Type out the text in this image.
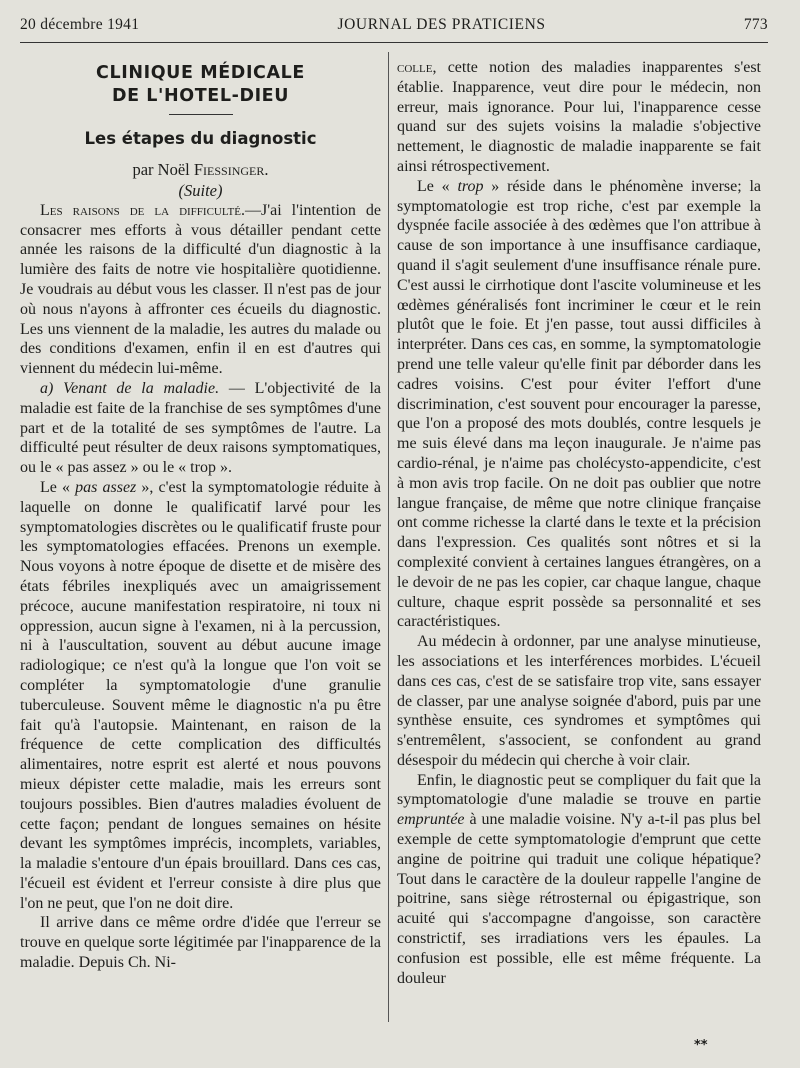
20 décembre 1941	JOURNAL DES PRATICIENS	773
CLINIQUE MÉDICALE
DE L'HOTEL-DIEU
Les étapes du diagnostic

par Noël Fiessinger.

(Suite)

Les raisons de la difficulté.—J'ai l'intention de consacrer mes efforts à vous détailler pendant cette année les raisons de la difficulté d'un diagnostic à la lumière des faits de notre vie hospitalière quotidienne. Je voudrais au début vous les classer. Il n'est pas de jour où nous n'ayons à affronter ces écueils du diagnostic. Les uns viennent de la maladie, les autres du malade ou des conditions d'examen, enfin il en est d'autres qui viennent du médecin lui-même.

a) Venant de la maladie. — L'objectivité de la maladie est faite de la franchise de ses symptômes d'une part et de la totalité de ses symptômes de l'autre. La difficulté peut résulter de deux raisons symptomatiques, ou le « pas assez » ou le « trop ».

Le « pas assez », c'est la symptomatologie réduite à laquelle on donne le qualificatif larvé pour les symptomatologies discrètes ou le qualificatif fruste pour les symptomatologies effacées. Prenons un exemple. Nous voyons à notre époque de disette et de misère des états fébriles inexpliqués avec un amaigrissement précoce, aucune manifestation respiratoire, ni toux ni oppression, aucun signe à l'examen, ni à la percussion, ni à l'auscultation, souvent au début aucune image radiologique; ce n'est qu'à la longue que l'on voit se compléter la symptomatologie d'une granulie tuberculeuse. Souvent même le diagnostic n'a pu être fait qu'à l'autopsie. Maintenant, en raison de la fréquence de cette complication des difficultés alimentaires, notre esprit est alerté et nous pouvons mieux dépister cette maladie, mais les erreurs sont toujours possibles. Bien d'autres maladies évoluent de cette façon; pendant de longues semaines on hésite devant les symptômes imprécis, incomplets, variables, la maladie s'entoure d'un épais brouillard. Dans ces cas, l'écueil est évident et l'erreur consiste à dire plus que l'on ne peut, que l'on ne doit dire.

Il arrive dans ce même ordre d'idée que l'erreur se trouve en quelque sorte légitimée par l'inapparence de la maladie. Depuis Ch. Ni-

colle, cette notion des maladies inapparentes s'est établie. Inapparence, veut dire pour le médecin, non erreur, mais ignorance. Pour lui, l'inapparence cesse quand sur des sujets voisins la maladie s'objective nettement, le diagnostic de maladie inapparente se fait ainsi rétrospectivement.

Le « trop » réside dans le phénomène inverse; la symptomatologie est trop riche, c'est par exemple la dyspnée facile associée à des œdèmes que l'on attribue à cause de son importance à une insuffisance cardiaque, quand il s'agit seulement d'une insuffisance rénale pure. C'est aussi le cirrhotique dont l'ascite volumineuse et les œdèmes généralisés font incriminer le cœur et le rein plutôt que le foie. Et j'en passe, tout aussi difficiles à interpréter. Dans ces cas, en somme, la symptomatologie prend une telle valeur qu'elle finit par déborder dans les cadres voisins. C'est pour éviter l'effort d'une discrimination, c'est souvent pour encourager la paresse, que l'on a proposé des mots doublés, contre lesquels je me suis élevé dans ma leçon inaugurale. Je n'aime pas cardio-rénal, je n'aime pas cholécysto-appendicite, c'est à mon avis trop facile. On ne doit pas oublier que notre langue française, de même que notre clinique française ont comme richesse la clarté dans le texte et la précision dans l'expression. Ces qualités sont nôtres et si la complexité convient à certaines langues étrangères, on a le devoir de ne pas les copier, car chaque langue, chaque culture, chaque esprit possède sa personnalité et ses caractéristiques.

Au médecin à ordonner, par une analyse minutieuse, les associations et les interférences morbides. L'écueil dans ces cas, c'est de se satisfaire trop vite, sans essayer de classer, par une analyse soignée d'abord, puis par une synthèse ensuite, ces syndromes et symptômes qui s'entremêlent, s'associent, se confondent au grand désespoir du médecin qui cherche à voir clair.

Enfin, le diagnostic peut se compliquer du fait que la symptomatologie d'une maladie se trouve en partie empruntée à une maladie voisine. N'y a-t-il pas plus bel exemple de cette symptomatologie d'emprunt que cette angine de poitrine qui traduit une colique hépatique? Tout dans le caractère de la douleur rappelle l'angine de poitrine, sans siège rétrosternal ou épigastrique, son acuité qui s'accompagne d'angoisse, son caractère constrictif, ses irradiations vers les épaules. La confusion est possible, elle est même fréquente. La douleur

**
